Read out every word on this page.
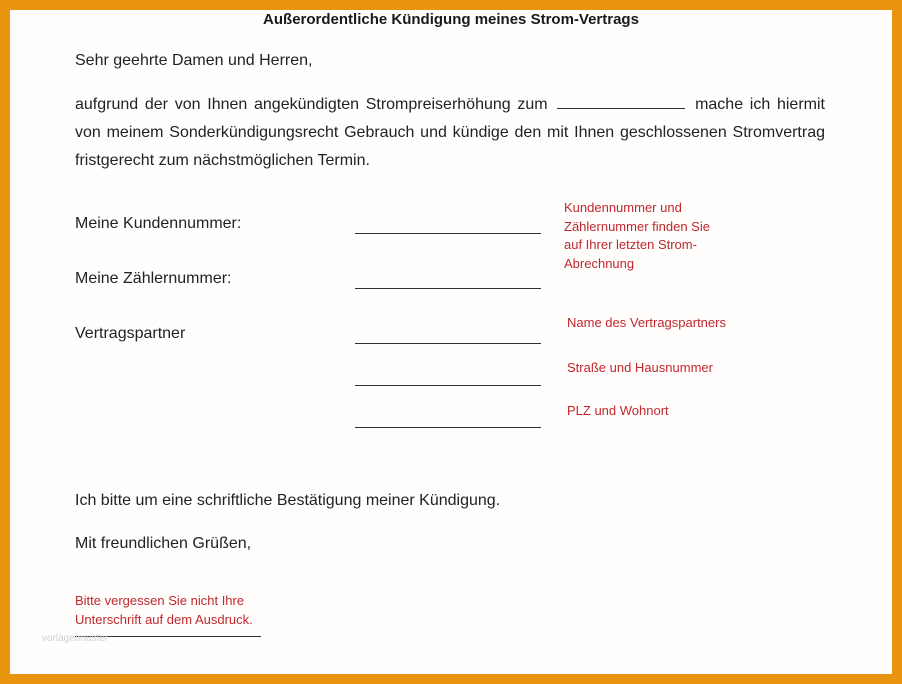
Außerordentliche Kündigung meines Strom-Vertrags
Sehr geehrte Damen und Herren,
aufgrund der von Ihnen angekündigten Strompreiserhöhung zum	mache ich hiermit von meinem Sonderkündigungsrecht Gebrauch und kündige den mit Ihnen geschlossenen Stromvertrag fristgerecht zum nächstmöglichen Termin.
Meine Kundennummer:
Meine Zählernummer:
Vertragspartner
Kundennummer und Zählernummer finden Sie auf Ihrer letzten Strom-Abrechnung
Name des Vertragspartners
Straße und Hausnummer
PLZ und Wohnort
Ich bitte um eine schriftliche Bestätigung meiner Kündigung.
Mit freundlichen Grüßen,
Bitte vergessen Sie nicht Ihre Unterschrift auf dem Ausdruck.
vorlage/muster
